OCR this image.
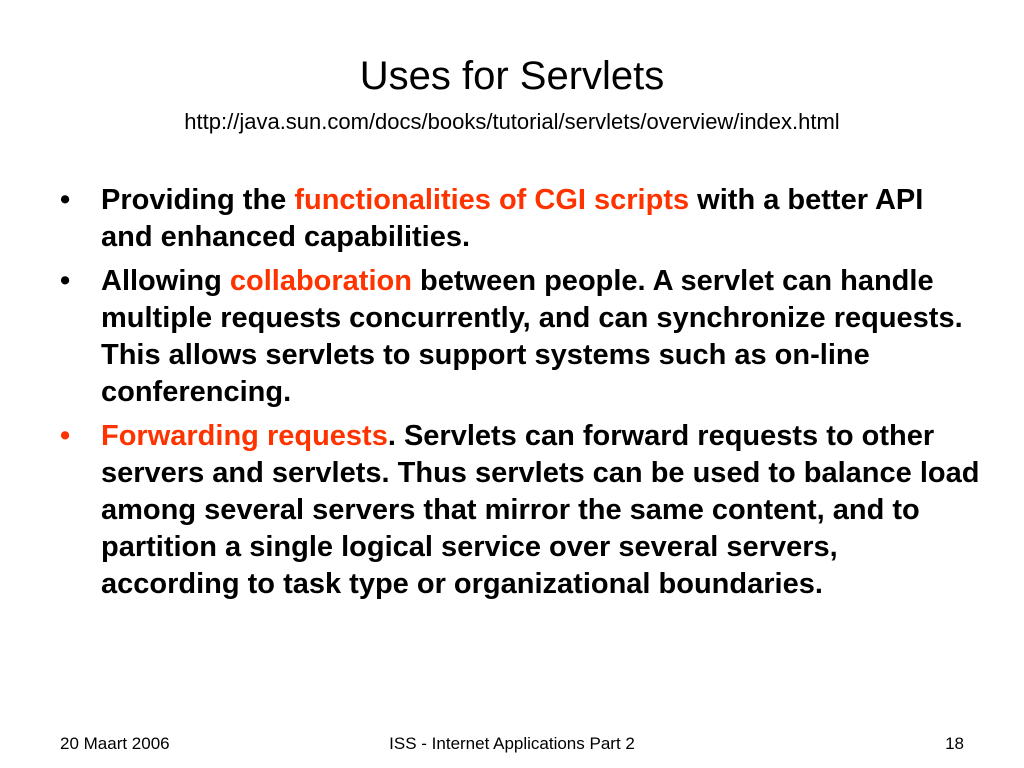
Uses for Servlets
http://java.sun.com/docs/books/tutorial/servlets/overview/index.html
• Providing the functionalities of CGI scripts with a better API and enhanced capabilities.
• Allowing collaboration between people. A servlet can handle multiple requests concurrently, and can synchronize requests. This allows servlets to support systems such as on-line conferencing.
• Forwarding requests. Servlets can forward requests to other servers and servlets. Thus servlets can be used to balance load among several servers that mirror the same content, and to partition a single logical service over several servers, according to task type or organizational boundaries.
20 Maart 2006	ISS - Internet Applications Part 2	18
